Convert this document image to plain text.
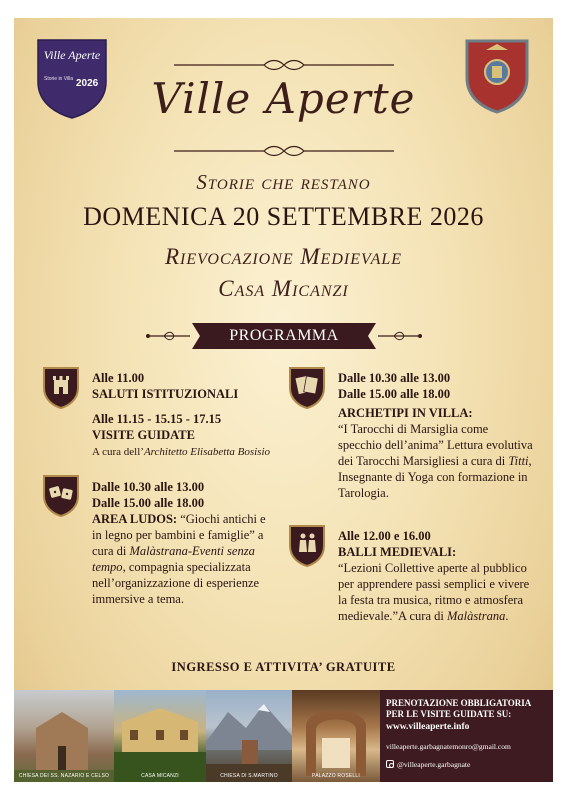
Ville Aperte
Storie in Villa 2026	Ville Aperte
Storie che restano
DOMENICA 20 SETTEMBRE 2026
Rievocazione Medievale
Casa Micanzi
PROGRAMMA

Alle 11.00

SALUTI ISTITUZIONALI

Alle 11.15 - 15.15 - 17.15

VISITE GUIDATE

A cura dell’Architetto Elisabetta Bosisio

Dalle 10.30 alle 13.00

Dalle 15.00 alle 18.00

AREA LUDOS: “Giochi antichi e in legno per bambini e famiglie” a cura di Malàstrana-Eventi senza tempo, compagnia specializzata nell’organizzazione di esperienze immersive a tema.

Dalle 10.30 alle 13.00

Dalle 15.00 alle 18.00

ARCHETIPI IN VILLA:

“I Tarocchi di Marsiglia come specchio dell’anima” Lettura evolutiva dei Tarocchi Marsigliesi a cura di Titti, Insegnante di Yoga con formazione in Tarologia.

Alle 12.00 e 16.00

BALLI MEDIEVALI:

“Lezioni Collettive aperte al pubblico per apprendere passi semplici e vivere la festa tra musica, ritmo e atmosfera medievale.”A cura di Malàstrana.

INGRESSO E ATTIVITA’ GRATUITE
CHIESA DEI SS. NAZARIO E CELSO	CASA MICANZI	CHIESA DI S.MARTINO	PALAZZO ROSELLI
PRENOTAZIONE OBBLIGATORIA PER LE VISITE GUIDATE SU:
www.villeaperte.info
villeaperte.garbagnatemonro@gmail.com
@villeaperte.garbagnate
